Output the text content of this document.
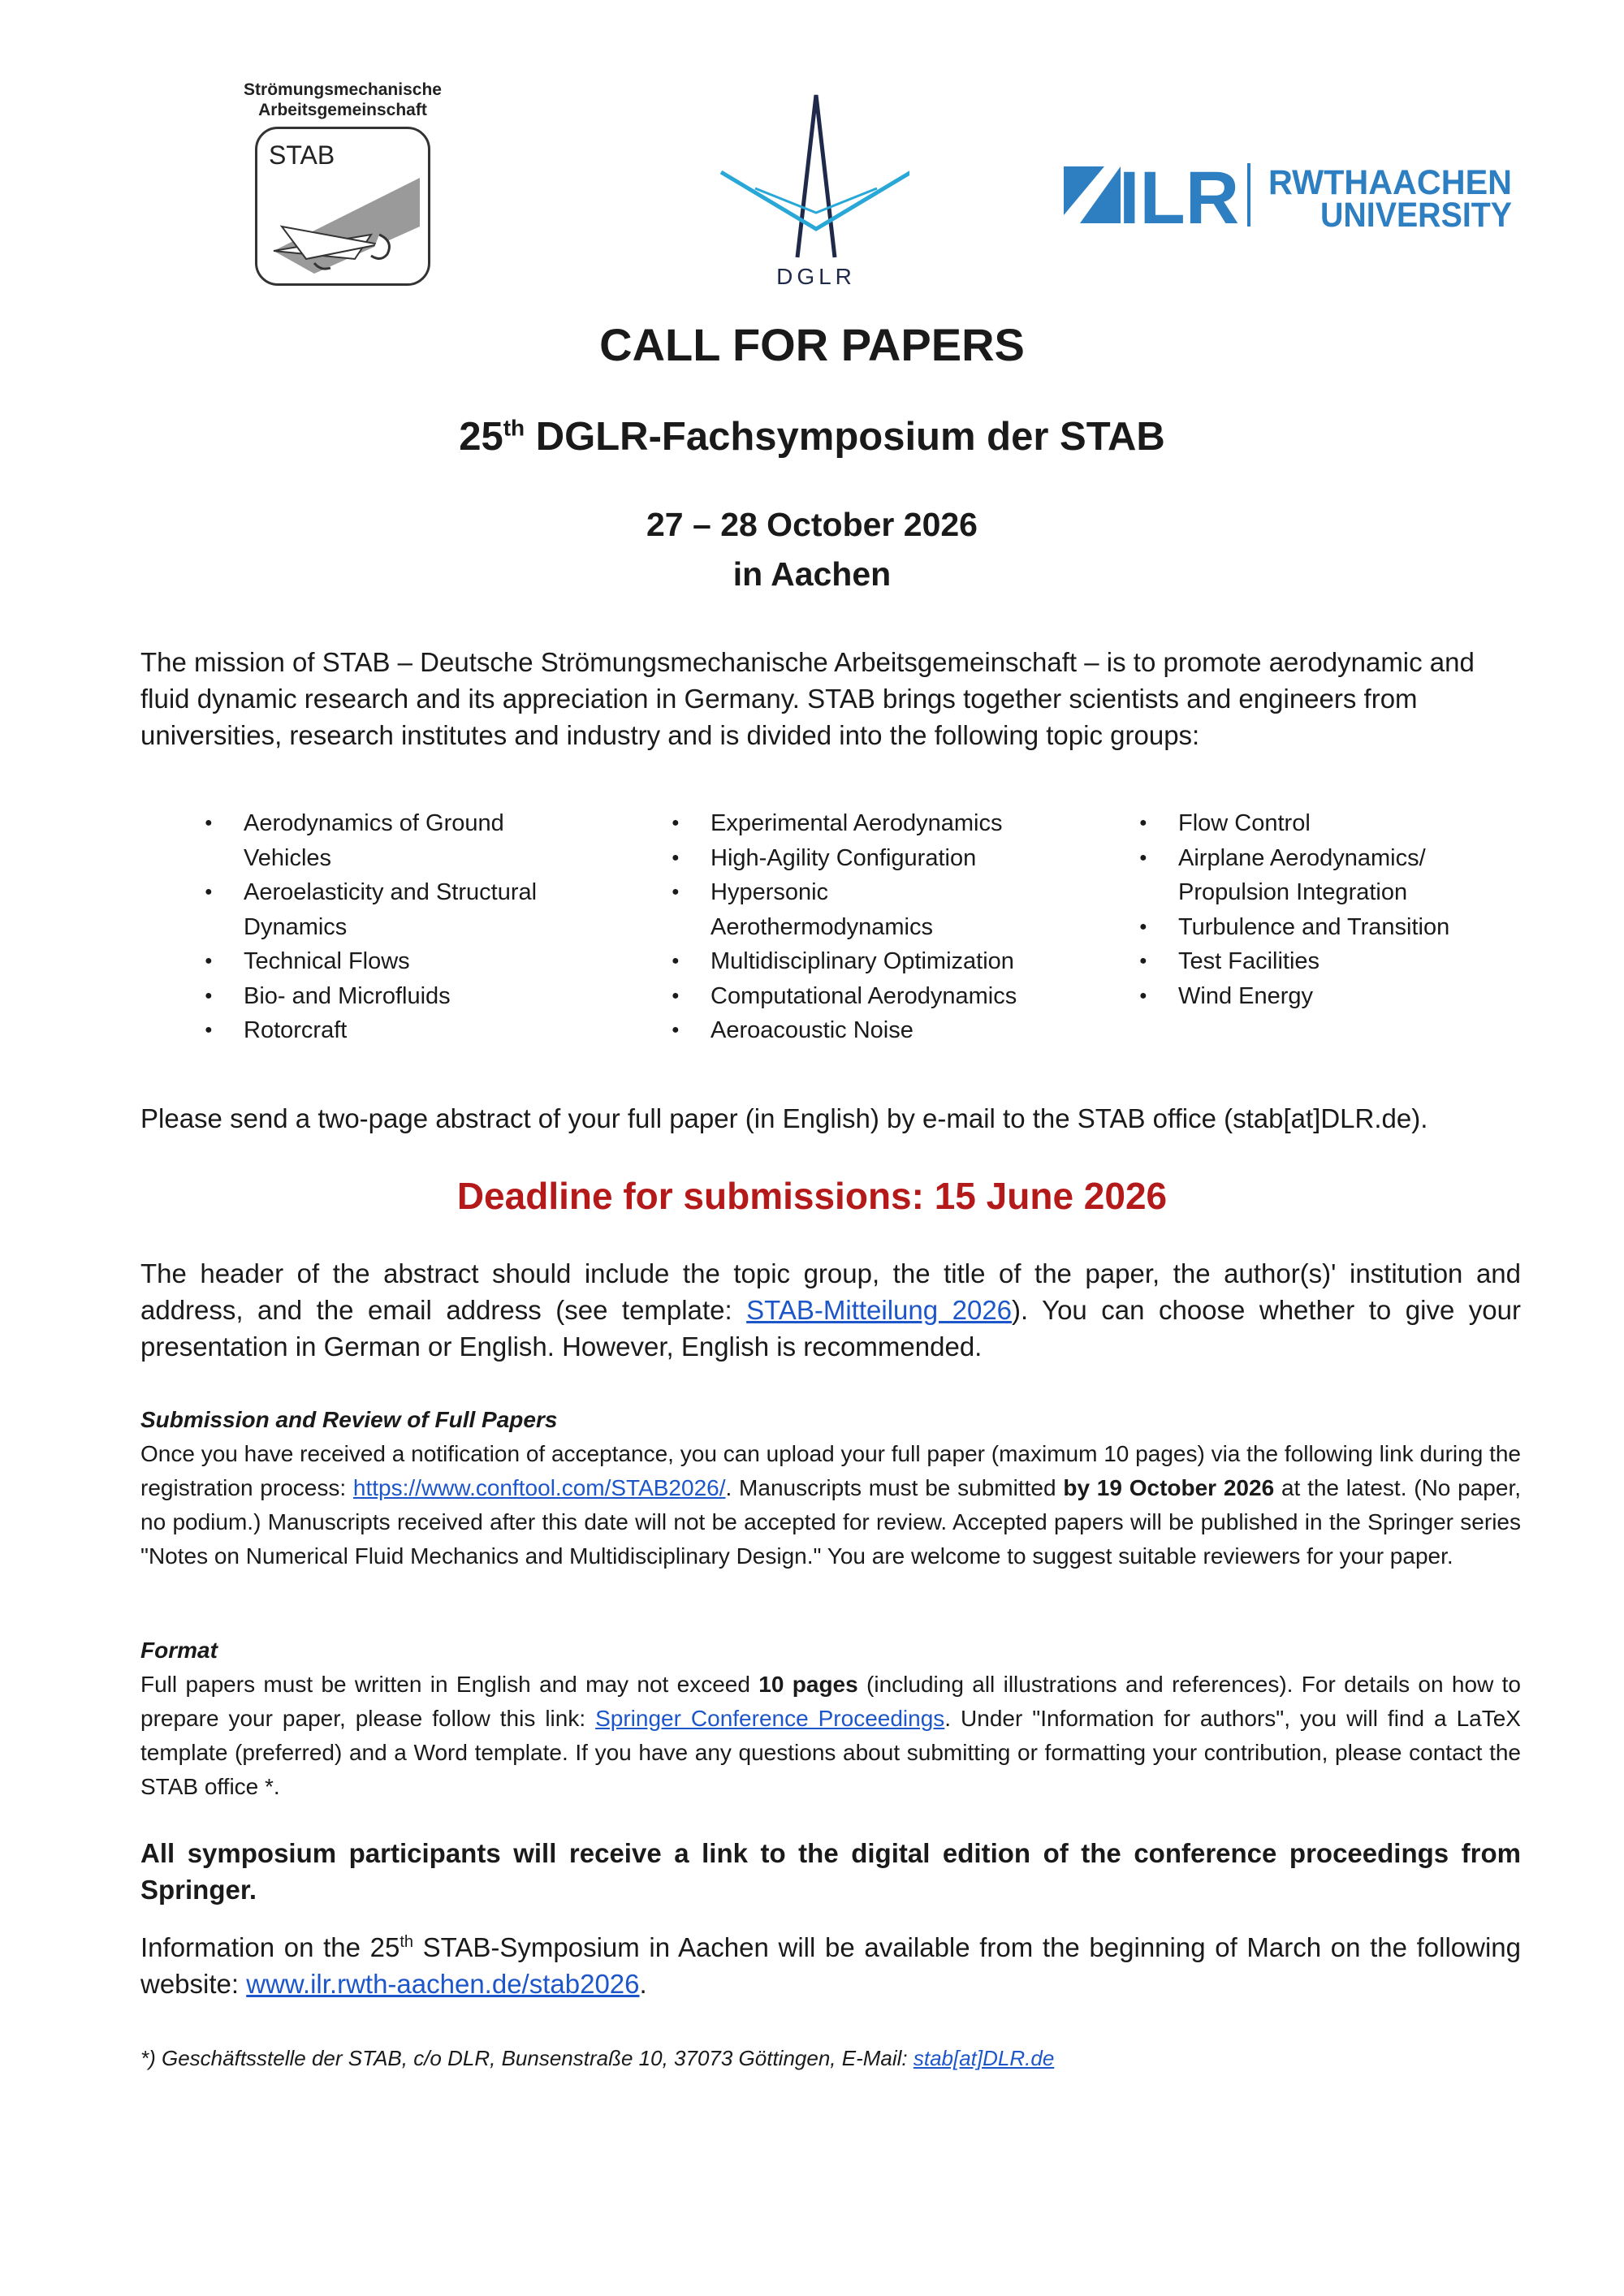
Strömungsmechanische
Arbeitsgemeinschaft
STAB
DGLR
ILR RWTHAACHEN
UNIVERSITY
CALL FOR PAPERS
25th DGLR-Fachsymposium der STAB
27 – 28 October 2026
in Aachen
The mission of STAB – Deutsche Strömungsmechanische Arbeitsgemeinschaft – is to promote aerodynamic and fluid dynamic research and its appreciation in Germany. STAB brings together scientists and engineers from universities, research institutes and industry and is divided into the following topic groups:
● Aerodynamics of Ground Vehicles
● Aeroelasticity and Structural Dynamics
● Technical Flows
● Bio- and Microfluids
● Rotorcraft
● Experimental Aerodynamics
● High-Agility Configuration
● Hypersonic Aerothermodynamics
● Multidisciplinary Optimization
● Computational Aerodynamics
● Aeroacoustic Noise
● Flow Control
● Airplane Aerodynamics/ Propulsion Integration
● Turbulence and Transition
● Test Facilities
● Wind Energy
Please send a two-page abstract of your full paper (in English) by e-mail to the STAB office (stab[at]DLR.de).
Deadline for submissions: 15 June 2026
The header of the abstract should include the topic group, the title of the paper, the author(s)' institution and address, and the email address (see template: STAB-Mitteilung 2026). You can choose whether to give your presentation in German or English. However, English is recommended.
Submission and Review of Full Papers
Once you have received a notification of acceptance, you can upload your full paper (maximum 10 pages) via the following link during the registration process: https://www.conftool.com/STAB2026/. Manuscripts must be submitted by 19 October 2026 at the latest. (No paper, no podium.) Manuscripts received after this date will not be accepted for review. Accepted papers will be published in the Springer series "Notes on Numerical Fluid Mechanics and Multidisciplinary Design." You are welcome to suggest suitable reviewers for your paper.
Format
Full papers must be written in English and may not exceed 10 pages (including all illustrations and references). For details on how to prepare your paper, please follow this link: Springer Conference Proceedings. Under "Information for authors", you will find a LaTeX template (preferred) and a Word template. If you have any questions about submitting or formatting your contribution, please contact the STAB office *.
All symposium participants will receive a link to the digital edition of the conference proceedings from Springer.
Information on the 25th STAB-Symposium in Aachen will be available from the beginning of March on the following website: www.ilr.rwth-aachen.de/stab2026.
*) Geschäftsstelle der STAB, c/o DLR, Bunsenstraße 10, 37073 Göttingen, E-Mail: stab[at]DLR.de
